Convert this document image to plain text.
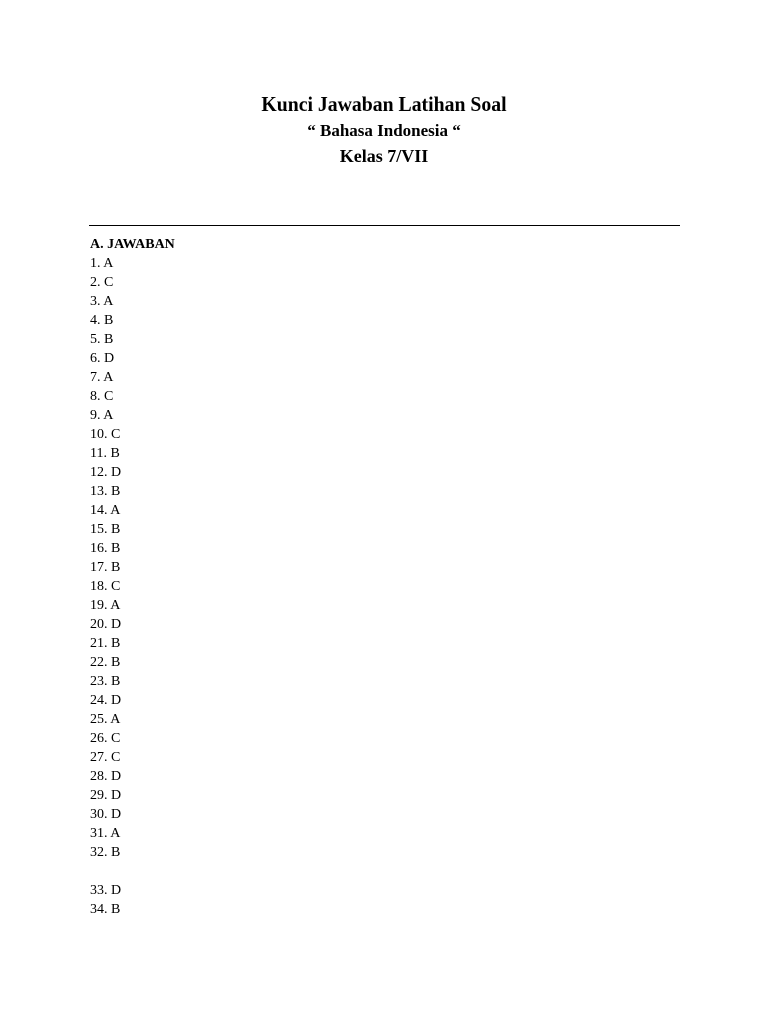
Kunci Jawaban Latihan Soal
“ Bahasa Indonesia “
Kelas 7/VII
A. JAWABAN
1. A
2. C
3. A
4. B
5. B
6. D
7. A
8. C
9. A
10. C
11. B
12. D
13. B
14. A
15. B
16. B
17. B
18. C
19. A
20. D
21. B
22. B
23. B
24. D
25. A
26. C
27. C
28. D
29. D
30. D
31. A
32. B
33. D
34. B
